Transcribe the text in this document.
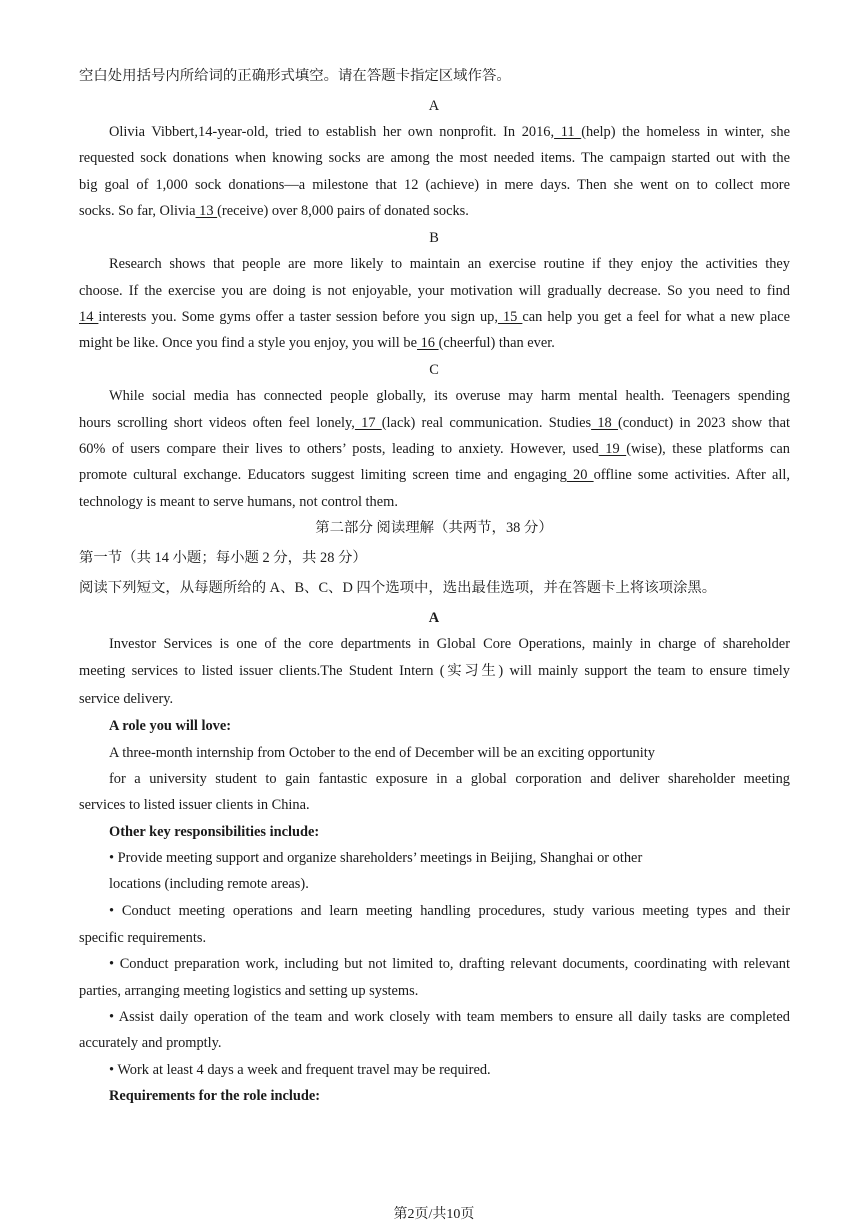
空白处用括号内所给词的正确形式填空。请在答题卡指定区域作答。
A
Olivia Vibbert,14-year-old, tried to establish her own nonprofit. In 2016, 11 (help) the homeless in winter, she
requested sock donations when knowing socks are among the most needed items. The campaign started out with the
big goal of 1,000 sock donations—a milestone that 12 (achieve) in mere days. Then she went on to collect more
socks. So far, Olivia 13 (receive) over 8,000 pairs of donated socks.
B
Research shows that people are more likely to maintain an exercise routine if they enjoy the activities they
choose. If the exercise you are doing is not enjoyable, your motivation will gradually decrease. So you need to find
14 interests you. Some gyms offer a taster session before you sign up, 15 can help you get a feel for what a new place
might be like. Once you find a style you enjoy, you will be 16 (cheerful) than ever.
C
While social media has connected people globally, its overuse may harm mental health. Teenagers spending
hours scrolling short videos often feel lonely, 17 (lack) real communication. Studies 18 (conduct) in 2023 show that
60% of users compare their lives to others’ posts, leading to anxiety. However, used 19 (wise), these platforms can
promote cultural exchange. Educators suggest limiting screen time and engaging 20 offline some activities. After all,
technology is meant to serve humans, not control them.
第二部分 阅读理解（共两节，38 分）
第一节（共 14 小题；每小题 2 分，共 28 分）
阅读下列短文，从每题所给的 A、B、C、D 四个选项中，选出最佳选项，并在答题卡上将该项涂黑。
A
Investor Services is one of the core departments in Global Core Operations, mainly in charge of shareholder
meeting services to listed issuer clients.The Student Intern (实习生) will mainly support the team to ensure timely
service delivery.
A role you will love:
A three-month internship from October to the end of December will be an exciting opportunity
for a university student to gain fantastic exposure in a global corporation and deliver shareholder meeting
services to listed issuer clients in China.
Other key responsibilities include:
• Provide meeting support and organize shareholders’ meetings in Beijing, Shanghai or other
locations (including remote areas).
• Conduct meeting operations and learn meeting handling procedures, study various meeting types and their
specific requirements.
• Conduct preparation work, including but not limited to, drafting relevant documents, coordinating with relevant
parties, arranging meeting logistics and setting up systems.
• Assist daily operation of the team and work closely with team members to ensure all daily tasks are completed
accurately and promptly.
• Work at least 4 days a week and frequent travel may be required.
Requirements for the role include:
第2页/共10页
